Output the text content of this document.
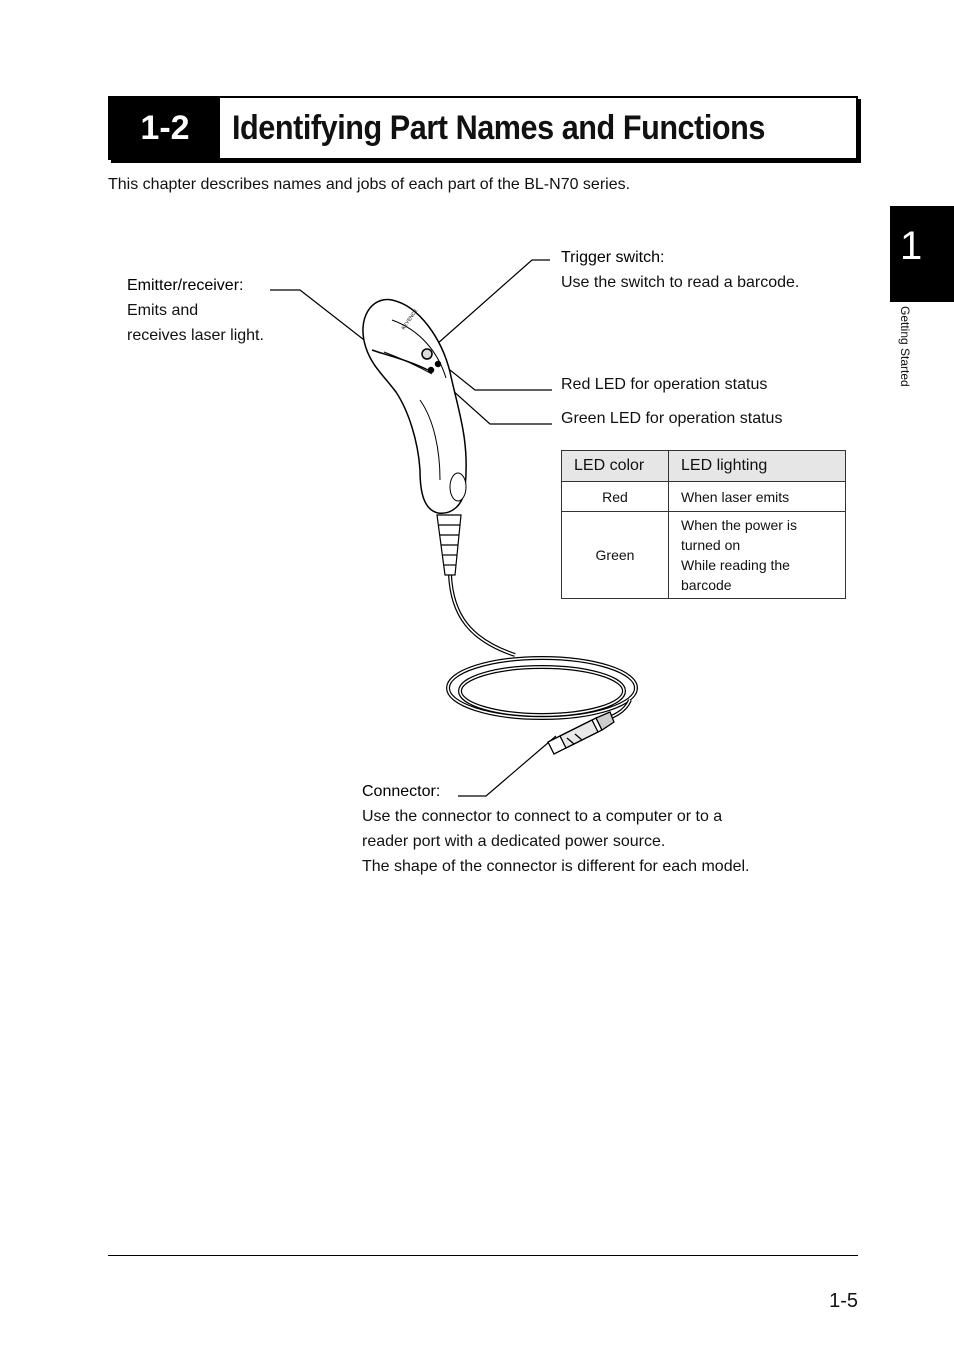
1-2	Identifying Part Names and Functions
This chapter describes names and jobs of each part of the BL-N70 series.
1
Getting Started
KEYENCE
Emitter/receiver:
Emits and
receives laser light.
Trigger switch:
Use the switch to read a barcode.
Red LED for operation status
Green LED for operation status
LED color	LED lighting
Red	When laser emits
Green	When the power is
turned on
While reading the
barcode
Connector:
Use the connector to connect to a computer or to a
reader port with a dedicated power source.
The shape of the connector is different for each model.
1-5
